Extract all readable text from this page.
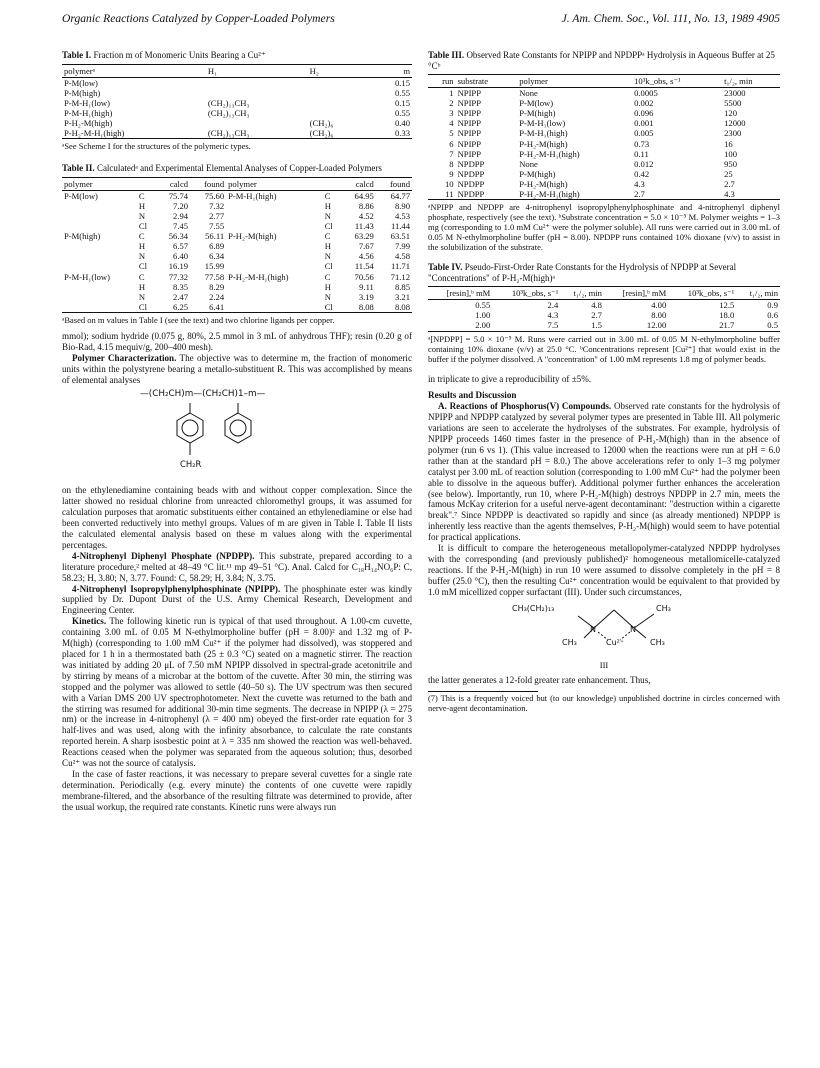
Organic Reactions Catalyzed by Copper-Loaded Polymers	J. Am. Chem. Soc., Vol. 111, No. 13, 1989 4905
Table I. Fraction m of Monomeric Units Bearing a Cu²⁺
polymerᵃ	H₁	H₂	m
P-M(low)			0.15
P-M(high)			0.55
P-M-H₁(low)	(CH₂)₁₃CH₃		0.15
P-M-H₁(high)	(CH₂)₁₃CH₃		0.55
P-H₂-M(high)		(CH₂)₆	0.40
P-H₂-M-H₁(high)	(CH₂)₁₃CH₃	(CH₂)₆	0.33
ᵃSee Scheme I for the structures of the polymeric types.
Table II. Calculatedᵃ and Experimental Elemental Analyses of Copper-Loaded Polymers
polymer		calcd	found	polymer		calcd	found
P-M(low)	C	75.74	75.60	P-M-H₁(high)	C	64.95	64.77
	H	7.20	7.32		H	8.86	8.90
	N	2.94	2.77		N	4.52	4.53
	Cl	7.45	7.55		Cl	11.43	11.44
P-M(high)	C	56.34	56.11	P-H₂-M(high)	C	63.29	63.51
	H	6.57	6.89		H	7.67	7.99
	N	6.40	6.34		N	4.56	4.58
	Cl	16.19	15.99		Cl	11.54	11.71
P-M-H₁(low)	C	77.32	77.58	P-H₂-M-H₁(high)	C	70.56	71.12
	H	8.35	8.29		H	9.11	8.85
	N	2.47	2.24		N	3.19	3.21
	Cl	6.25	6.41		Cl	8.08	8.08
ᵃBased on m values in Table I (see the text) and two chlorine ligands per copper.

mmol); sodium hydride (0.075 g, 80%, 2.5 mmol in 3 mL of anhydrous THF); resin (0.20 g of Bio-Rad, 4.15 mequiv/g, 200–400 mesh).

Polymer Characterization. The objective was to determine m, the fraction of monomeric units within the polystyrene bearing a metallo-substituent R. This was accomplished by means of elemental analyses

—(CH₂CH)m—(CH₂CH)1–m—
CH₂R

on the ethylenediamine containing beads with and without copper complexation. Since the latter showed no residual chlorine from unreacted chloromethyl groups, it was assumed for calculation purposes that aromatic substituents either contained an ethylenediamine or else had been converted reductively into methyl groups. Values of m are given in Table I. Table II lists the calculated elemental analysis based on these m values along with the experimental percentages.

4-Nitrophenyl Diphenyl Phosphate (NPDPP). This substrate, prepared according to a literature procedure,² melted at 48–49 °C lit.¹¹ mp 49–51 °C). Anal. Calcd for C₁₈H₁₄NO₆P: C, 58.23; H, 3.80; N, 3.77. Found: C, 58.29; H, 3.84; N, 3.75.

4-Nitrophenyl Isopropylphenylphosphinate (NPIPP). The phosphinate ester was kindly supplied by Dr. Dupont Durst of the U.S. Army Chemical Research, Development and Engineering Center.

Kinetics. The following kinetic run is typical of that used throughout. A 1.00-cm cuvette, containing 3.00 mL of 0.05 M N-ethylmorpholine buffer (pH = 8.00)² and 1.32 mg of P-M(high) (corresponding to 1.00 mM Cu²⁺ if the polymer had dissolved), was stoppered and placed for 1 h in a thermostated bath (25 ± 0.3 °C) seated on a magnetic stirrer. The reaction was initiated by adding 20 μL of 7.50 mM NPIPP dissolved in spectral-grade acetonitrile and by stirring by means of a microbar at the bottom of the cuvette. After 30 min, the stirring was stopped and the polymer was allowed to settle (40–50 s). The UV spectrum was then secured with a Varian DMS 200 UV spectrophotometer. Next the cuvette was returned to the bath and the stirring was resumed for additional 30-min time segments. The decrease in NPIPP (λ = 275 nm) or the increase in 4-nitrophenyl (λ = 400 nm) obeyed the first-order rate equation for 3 half-lives and was used, along with the infinity absorbance, to calculate the rate constants reported herein. A sharp isosbestic point at λ = 335 nm showed the reaction was well-behaved. Reactions ceased when the polymer was separated from the aqueous solution; thus, desorbed Cu²⁺ was not the source of catalysis.

In the case of faster reactions, it was necessary to prepare several cuvettes for a single rate determination. Periodically (e.g. every minute) the contents of one cuvette were rapidly membrane-filtered, and the absorbance of the resulting filtrate was determined to provide, after the usual workup, the required rate constants. Kinetic runs were always run

Table III. Observed Rate Constants for NPIPP and NPDPPᵃ Hydrolysis in Aqueous Buffer at 25 °Cᵇ
run	substrate	polymer	10³k_obs, s⁻¹	t₁/₂, min
1	NPIPP	None	0.0005	23000
2	NPIPP	P-M(low)	0.002	5500
3	NPIPP	P-M(high)	0.096	120
4	NPIPP	P-M-H₁(low)	0.001	12000
5	NPIPP	P-M-H₁(high)	0.005	2300
6	NPIPP	P-H₂-M(high)	0.73	16
7	NPIPP	P-H₂-M-H₁(high)	0.11	100
8	NPDPP	None	0.012	950
9	NPDPP	P-M(high)	0.42	25
10	NPDPP	P-H₂-M(high)	4.3	2.7
11	NPDPP	P-H₂-M-H₁(high)	2.7	4.3
ᵃNPIPP and NPDPP are 4-nitrophenyl isopropylphenylphosphinate and 4-nitrophenyl diphenyl phosphate, respectively (see the text). ᵇSubstrate concentration = 5.0 × 10⁻⁵ M. Polymer weights = 1–3 mg (corresponding to 1.0 mM Cu²⁺ were the polymer soluble). All runs were carried out in 3.00 mL of 0.05 M N-ethylmorpholine buffer (pH = 8.00). NPDPP runs contained 10% dioxane (v/v) to assist in the solubilization of the substrate.
Table IV. Pseudo-First-Order Rate Constants for the Hydrolysis of NPDPP at Several "Concentrations" of P-H₂-M(high)ᵃ
[resin],ᵇ mM	10³k_obs, s⁻¹	t₁/₂, min	[resin],ᵇ mM	10³k_obs, s⁻¹	t₁/₂, min
0.55	2.4	4.8	4.00	12.5	0.9
1.00	4.3	2.7	8.00	18.0	0.6
2.00	7.5	1.5	12.00	21.7	0.5
ᵃ[NPDPP] = 5.0 × 10⁻⁵ M. Runs were carried out in 3.00 mL of 0.05 M N-ethylmorpholine buffer containing 10% dioxane (v/v) at 25.0 °C. ᵇConcentrations represent [Cu²⁺] that would exist in the buffer if the polymer dissolved. A "concentration" of 1.00 mM represents 1.8 mg of polymer beads.

in triplicate to give a reproducibility of ±5%.

Results and Discussion

A. Reactions of Phosphorus(V) Compounds. Observed rate constants for the hydrolysis of NPIPP and NPDPP catalyzed by several polymer types are presented in Table III. All polymeric variations are seen to accelerate the hydrolyses of the substrates. For example, hydrolysis of NPIPP proceeds 1460 times faster in the presence of P-H₂-M(high) than in the absence of polymer (run 6 vs 1). (This value increased to 12000 when the reactions were run at pH = 6.0 rather than at the standard pH = 8.0.) The above accelerations refer to only 1–3 mg polymer catalyst per 3.00 mL of reaction solution (corresponding to 1.00 mM Cu²⁺ had the polymer been able to dissolve in the aqueous buffer). Additional polymer further enhances the acceleration (see below). Importantly, run 10, where P-H₂-M(high) destroys NPDPP in 2.7 min, meets the famous McKay criterion for a useful nerve-agent decontaminant: "destruction within a cigarette break".⁷ Since NPDPP is deactivated so rapidly and since (as already mentioned) NPDPP is inherently less reactive than the agents themselves, P-H₂-M(high) would seem to have potential for practical applications.

It is difficult to compare the heterogeneous metallopolymer-catalyzed NPDPP hydrolyses with the corresponding (and previously published)² homogeneous metallomicelle-catalyzed reactions. If the P-H₂-M(high) in run 10 were assumed to dissolve completely in the pH = 8 buffer (25.0 °C), then the resulting Cu²⁺ concentration would be equivalent to that provided by 1.0 mM micellized copper surfactant (III). Under such circumstances,

CH₃(CH₂)₁₃	CH₃
N	N
CH₃	Cu²⁺	CH₃
III

the latter generates a 12-fold greater rate enhancement. Thus,

(7) This is a frequently voiced but (to our knowledge) unpublished doctrine in circles concerned with nerve-agent decontamination.
